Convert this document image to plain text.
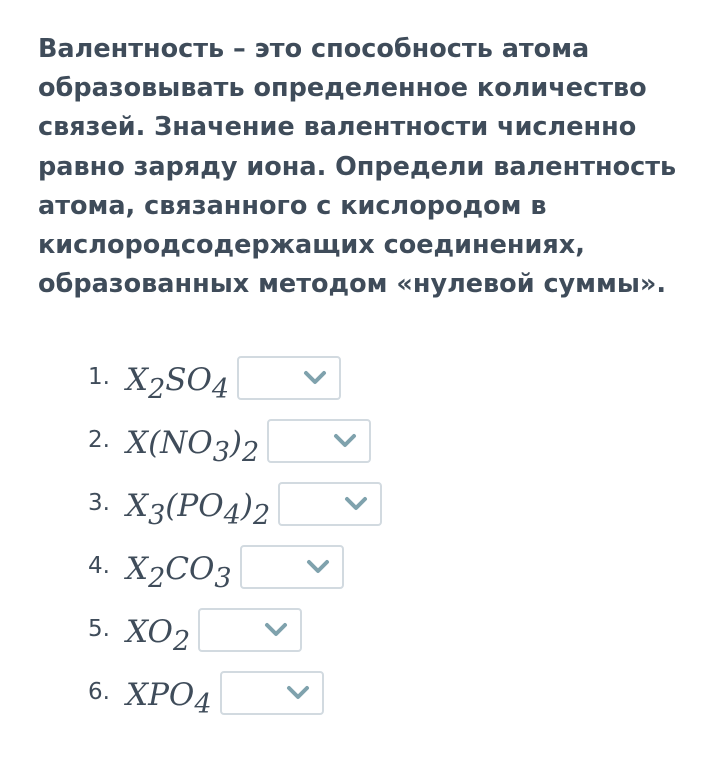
Валентность – это способность атома образовывать определенное количество связей. Значение валентности численно равно заряду иона. Определи валентность атома, связанного с кислородом в кислородсодержащих соединениях, образованных методом «нулевой суммы».

1. $X_2SO_4$
2. $X(NO_3)_2$
3. $X_3(PO_4)_2$
4. $X_2CO_3$
5. $XO_2$
6. $XPO_4$
